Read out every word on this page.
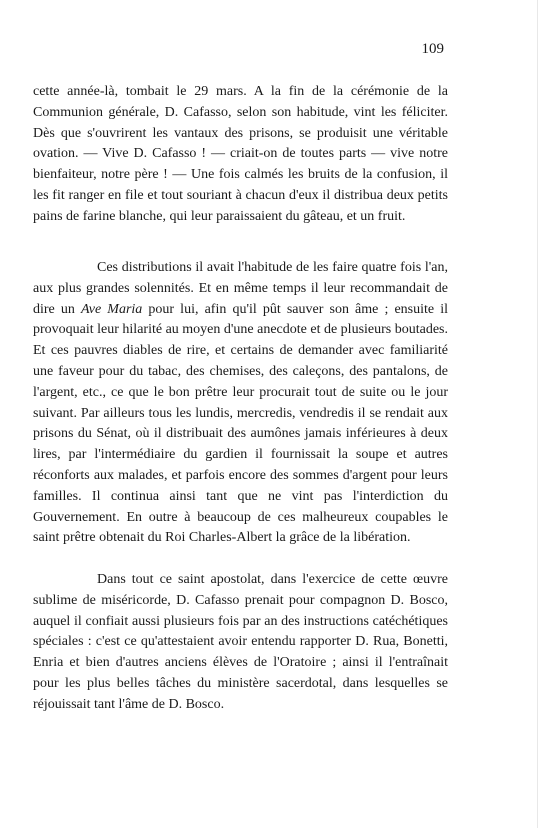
109

cette année-là, tombait le 29 mars. A la fin de la cérémonie de la Communion générale, D. Cafasso, selon son habitude, vint les féliciter. Dès que s'ouvrirent les vantaux des prisons, se produisit une véritable ovation. — Vive D. Cafasso ! — criait-on de toutes parts — vive notre bienfaiteur, notre père ! — Une fois calmés les bruits de la confusion, il les fit ranger en file et tout souriant à chacun d'eux il distribua deux petits pains de farine blanche, qui leur paraissaient du gâteau, et un fruit.

Ces distributions il avait l'habitude de les faire quatre fois l'an, aux plus grandes solennités. Et en même temps il leur recommandait de dire un Ave Maria pour lui, afin qu'il pût sauver son âme ; ensuite il provoquait leur hilarité au moyen d'une anecdote et de plusieurs boutades. Et ces pauvres diables de rire, et certains de demander avec familiarité une faveur pour du tabac, des chemises, des caleçons, des pantalons, de l'argent, etc., ce que le bon prêtre leur procurait tout de suite ou le jour suivant. Par ailleurs tous les lundis, mercredis, vendredis il se rendait aux prisons du Sénat, où il distribuait des aumônes jamais inférieures à deux lires, par l'intermédiaire du gardien il fournissait la soupe et autres réconforts aux malades, et parfois encore des sommes d'argent pour leurs familles. Il continua ainsi tant que ne vint pas l'interdiction du Gouvernement. En outre à beaucoup de ces malheureux coupables le saint prêtre obtenait du Roi Charles-Albert la grâce de la libération.

Dans tout ce saint apostolat, dans l'exercice de cette œuvre sublime de miséricorde, D. Cafasso prenait pour compagnon D. Bosco, auquel il confiait aussi plusieurs fois par an des instructions catéchétiques spéciales : c'est ce qu'attestaient avoir entendu rapporter D. Rua, Bonetti, Enria et bien d'autres anciens élèves de l'Oratoire ; ainsi il l'entraînait pour les plus belles tâches du ministère sacerdotal, dans lesquelles se réjouissait tant l'âme de D. Bosco.
